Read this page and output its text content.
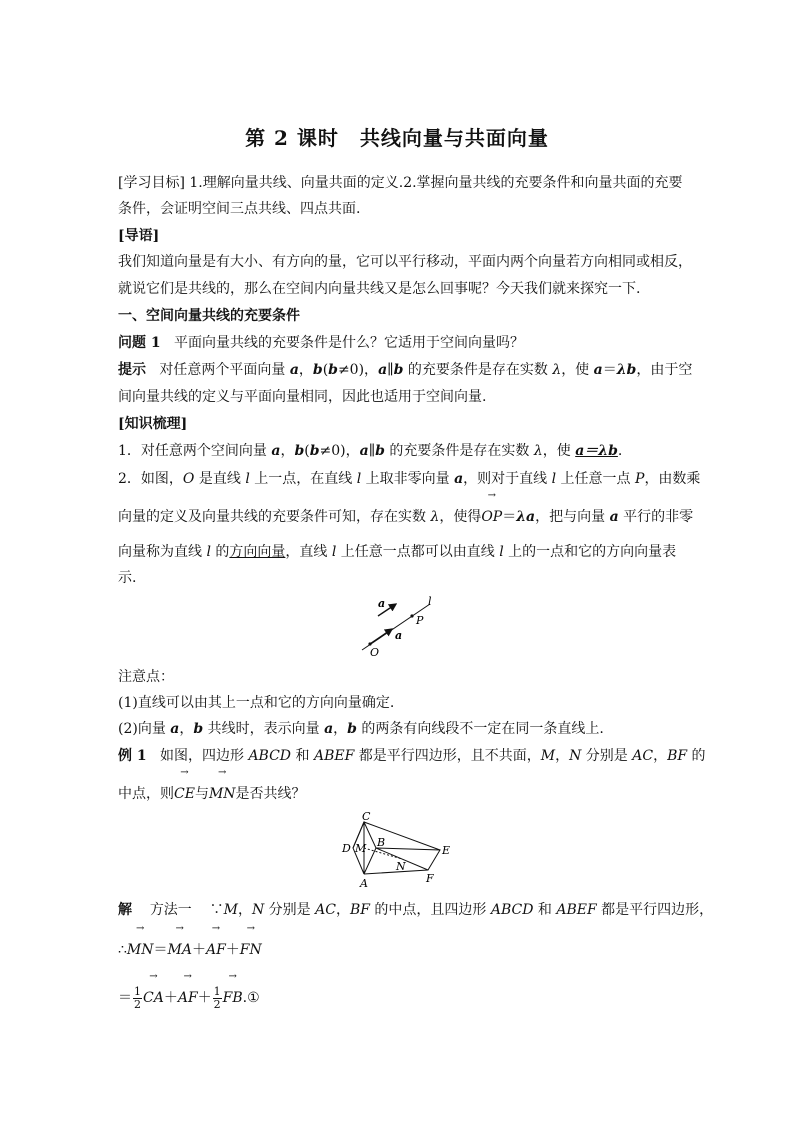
第 2 课时　共线向量与共面向量
[学习目标] 1.理解向量共线、向量共面的定义.2.掌握向量共线的充要条件和向量共面的充要
条件，会证明空间三点共线、四点共面.
[导语]
我们知道向量是有大小、有方向的量，它可以平行移动，平面内两个向量若方向相同或相反，
就说它们是共线的，那么在空间内向量共线又是怎么回事呢？今天我们就来探究一下.
一、空间向量共线的充要条件
问题 1 平面向量共线的充要条件是什么？它适用于空间向量吗？
提示 对任意两个平面向量 a，b(b≠0)，a∥b 的充要条件是存在实数 λ，使 a＝λb，由于空
间向量共线的定义与平面向量相同，因此也适用于空间向量.
[知识梳理]
1．对任意两个空间向量 a，b(b≠0)，a∥b 的充要条件是存在实数 λ，使 a＝λb.
2．如图，O 是直线 l 上一点，在直线 l 上取非零向量 a，则对于直线 l 上任意一点 P，由数乘
向量的定义及向量共线的充要条件可知，存在实数 λ，使得→ OP＝λa，把与向量 a 平行的非零
向量称为直线 l 的方向向量，直线 l 上任意一点都可以由直线 l 上的一点和它的方向向量表
示.
a
a
l
P
O
注意点：
(1)直线可以由其上一点和它的方向向量确定.
(2)向量 a，b 共线时，表示向量 a，b 的两条有向线段不一定在同一条直线上.
例 1 如图，四边形 ABCD 和 ABEF 都是平行四边形，且不共面，M，N 分别是 AC，BF 的
中点，则→ CE与→ MN是否共线？
C
D M B
E
N
A	F
解 方法一 ∵M，N 分别是 AC，BF 的中点，且四边形 ABCD 和 ABEF 都是平行四边形，
∴→ MN＝→ MA＋→ AF＋→ FN
＝ $\frac{1}{2}$
→ $CA+\to AF+ \frac{1}{2}$
→ FB.①
